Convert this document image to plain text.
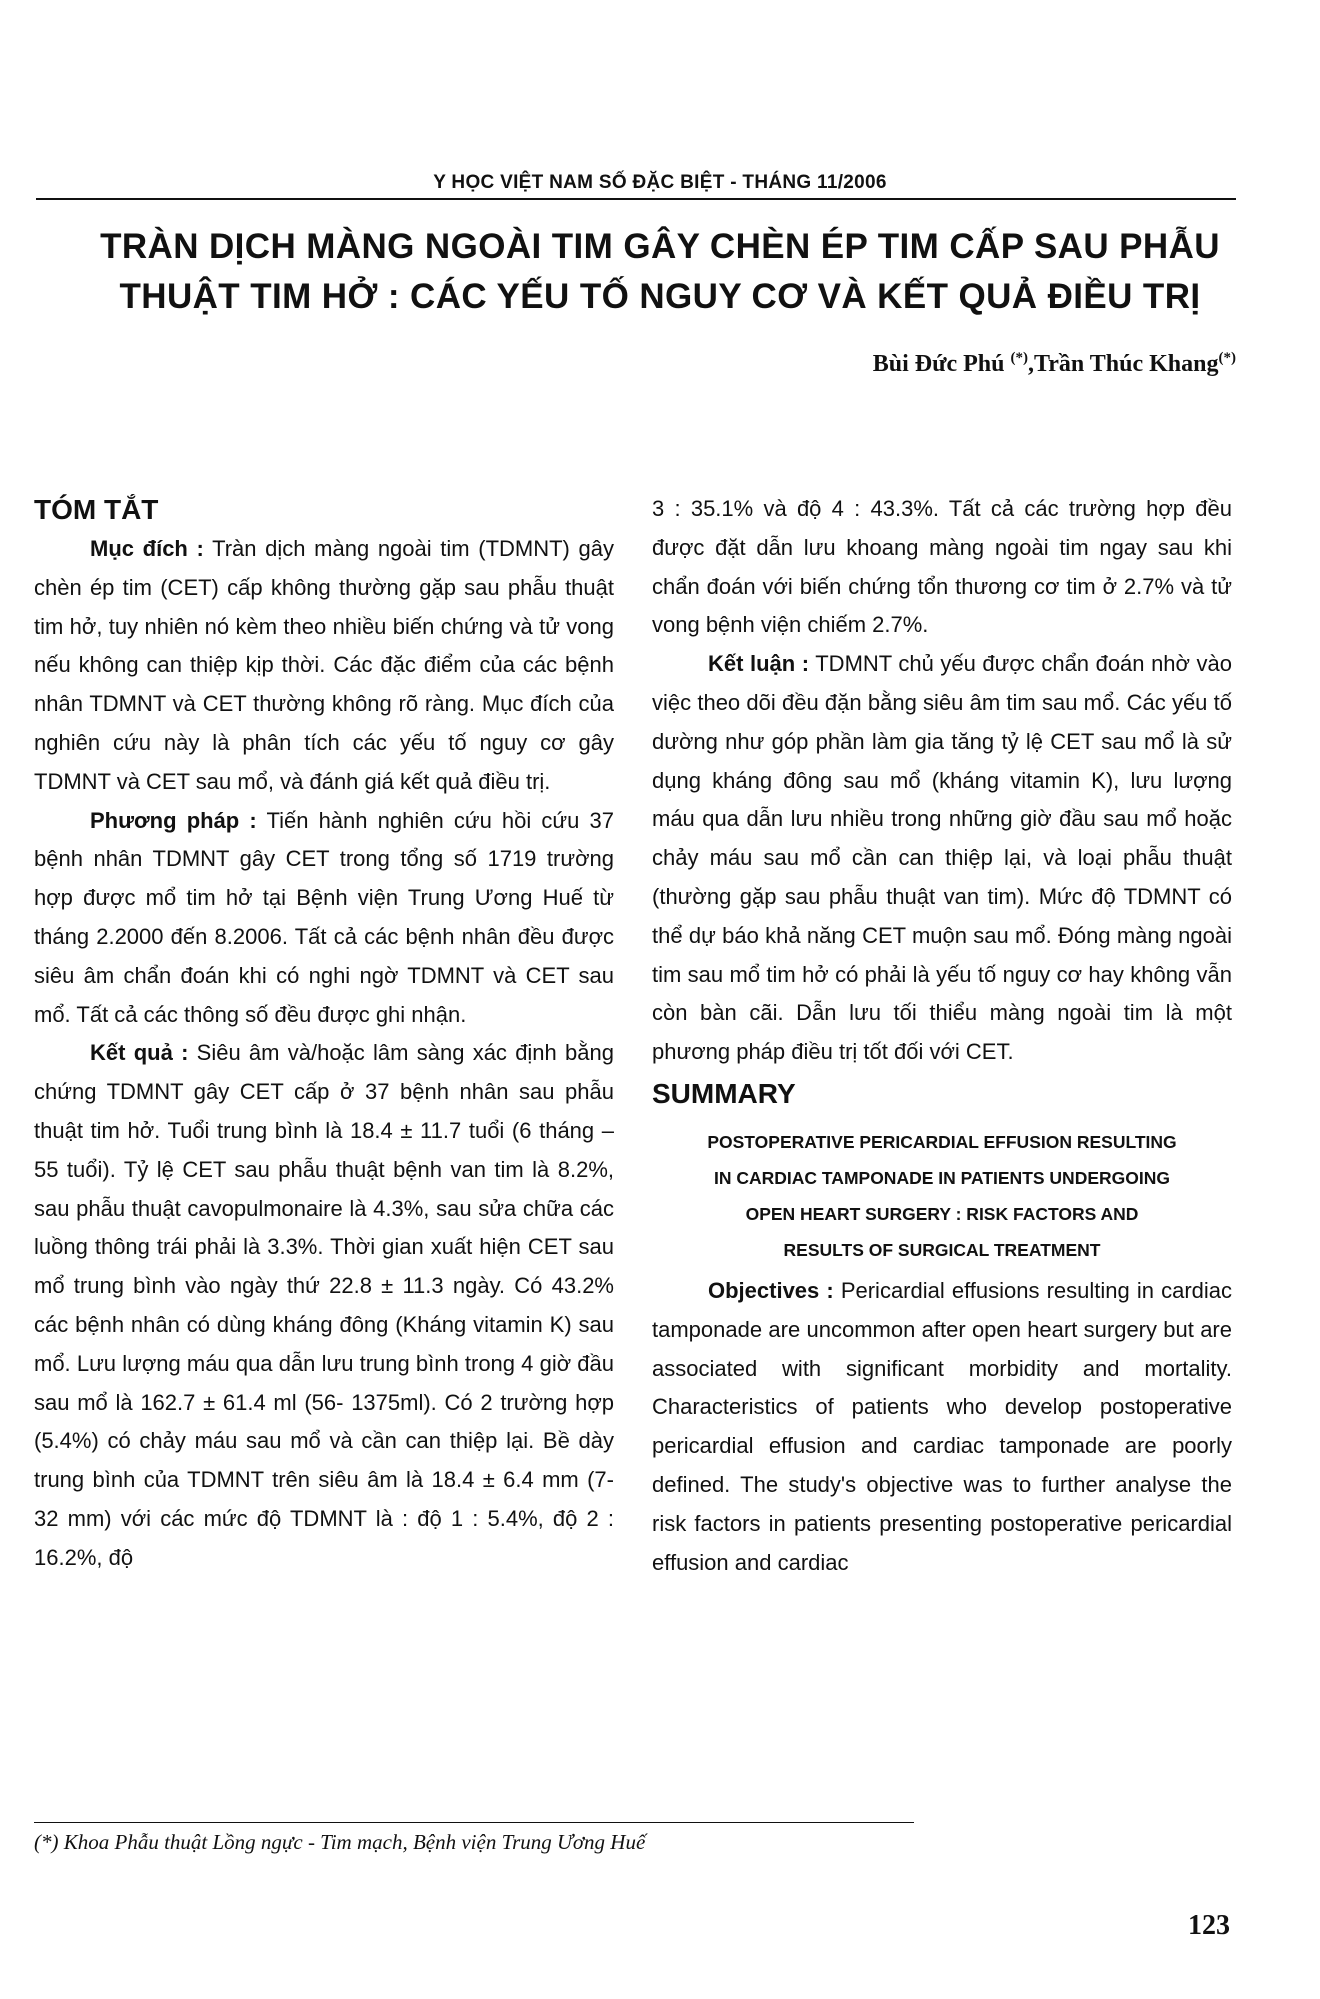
Y HỌC VIỆT NAM SỐ ĐẶC BIỆT - THÁNG 11/2006
TRÀN DỊCH MÀNG NGOÀI TIM GÂY CHÈN ÉP TIM CẤP SAU PHẪU
THUẬT TIM HỞ : CÁC YẾU TỐ NGUY CƠ VÀ KẾT QUẢ ĐIỀU TRỊ
Bùi Đức Phú (*),Trần Thúc Khang(*)

TÓM TẮT

Mục đích : Tràn dịch màng ngoài tim (TDMNT) gây chèn ép tim (CET) cấp không thường gặp sau phẫu thuật tim hở, tuy nhiên nó kèm theo nhiều biến chứng và tử vong nếu không can thiệp kịp thời. Các đặc điểm của các bệnh nhân TDMNT và CET thường không rõ ràng. Mục đích của nghiên cứu này là phân tích các yếu tố nguy cơ gây TDMNT và CET sau mổ, và đánh giá kết quả điều trị.

Phương pháp : Tiến hành nghiên cứu hồi cứu 37 bệnh nhân TDMNT gây CET trong tổng số 1719 trường hợp được mổ tim hở tại Bệnh viện Trung Ương Huế từ tháng 2.2000 đến 8.2006. Tất cả các bệnh nhân đều được siêu âm chẩn đoán khi có nghi ngờ TDMNT và CET sau mổ. Tất cả các thông số đều được ghi nhận.

Kết quả : Siêu âm và/hoặc lâm sàng xác định bằng chứng TDMNT gây CET cấp ở 37 bệnh nhân sau phẫu thuật tim hở. Tuổi trung bình là 18.4 ± 11.7 tuổi (6 tháng – 55 tuổi). Tỷ lệ CET sau phẫu thuật bệnh van tim là 8.2%, sau phẫu thuật cavopulmonaire là 4.3%, sau sửa chữa các luồng thông trái phải là 3.3%. Thời gian xuất hiện CET sau mổ trung bình vào ngày thứ 22.8 ± 11.3 ngày. Có 43.2% các bệnh nhân có dùng kháng đông (Kháng vitamin K) sau mổ. Lưu lượng máu qua dẫn lưu trung bình trong 4 giờ đầu sau mổ là 162.7 ± 61.4 ml (56- 1375ml). Có 2 trường hợp (5.4%) có chảy máu sau mổ và cần can thiệp lại. Bề dày trung bình của TDMNT trên siêu âm là 18.4 ± 6.4 mm (7- 32 mm) với các mức độ TDMNT là : độ 1 : 5.4%, độ 2 : 16.2%, độ

3 : 35.1% và độ 4 : 43.3%. Tất cả các trường hợp đều được đặt dẫn lưu khoang màng ngoài tim ngay sau khi chẩn đoán với biến chứng tổn thương cơ tim ở 2.7% và tử vong bệnh viện chiếm 2.7%.

Kết luận : TDMNT chủ yếu được chẩn đoán nhờ vào việc theo dõi đều đặn bằng siêu âm tim sau mổ. Các yếu tố dường như góp phần làm gia tăng tỷ lệ CET sau mổ là sử dụng kháng đông sau mổ (kháng vitamin K), lưu lượng máu qua dẫn lưu nhiều trong những giờ đầu sau mổ hoặc chảy máu sau mổ cần can thiệp lại, và loại phẫu thuật (thường gặp sau phẫu thuật van tim). Mức độ TDMNT có thể dự báo khả năng CET muộn sau mổ. Đóng màng ngoài tim sau mổ tim hở có phải là yếu tố nguy cơ hay không vẫn còn bàn cãi. Dẫn lưu tối thiểu màng ngoài tim là một phương pháp điều trị tốt đối với CET.

SUMMARY

POSTOPERATIVE PERICARDIAL EFFUSION RESULTING
IN CARDIAC TAMPONADE IN PATIENTS UNDERGOING
OPEN HEART SURGERY : RISK FACTORS AND
RESULTS OF SURGICAL TREATMENT

Objectives : Pericardial effusions resulting in cardiac tamponade are uncommon after open heart surgery but are associated with significant morbidity and mortality. Characteristics of patients who develop postoperative pericardial effusion and cardiac tamponade are poorly defined. The study's objective was to further analyse the risk factors in patients presenting postoperative pericardial effusion and cardiac

(*) Khoa Phẫu thuật Lồng ngực - Tim mạch, Bệnh viện Trung Ương Huế
123
